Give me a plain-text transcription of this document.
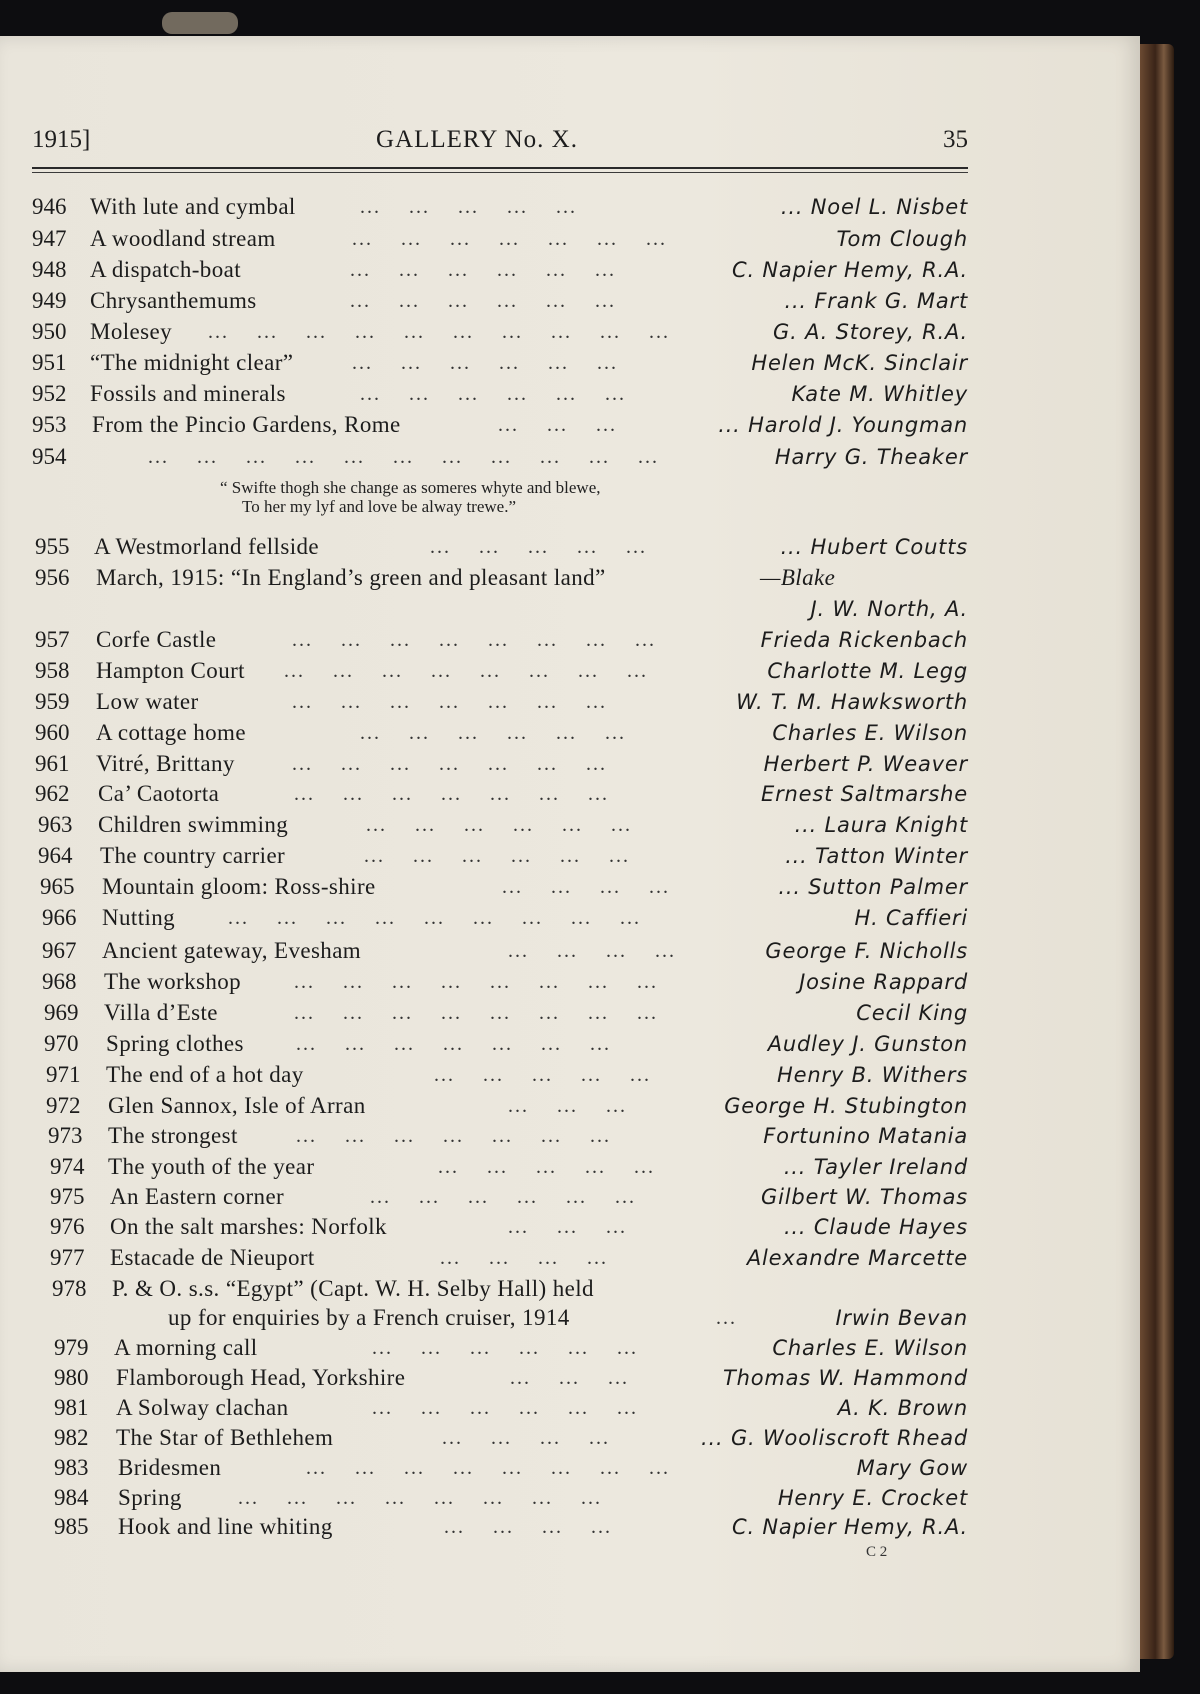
1915]	GALLERY No. X.	35
946 With lute and cymbal	...    ...    ...    ...    ...	... Noel L. Nisbet
947 A woodland stream	...    ...    ...    ...    ...    ...    ...	Tom Clough
948 A dispatch-boat	...    ...    ...    ...    ...    ...	C. Napier Hemy, R.A.
949 Chrysanthemums	...    ...    ...    ...    ...    ...	... Frank G. Mart
950 Molesey ...    ...    ...    ...    ...    ...    ...    ...    ...    ...	G. A. Storey, R.A.
951 “The midnight clear”	...    ...    ...    ...    ...    ...	Helen McK. Sinclair
952 Fossils and minerals	...    ...    ...    ...    ...    ...	Kate M. Whitley
953 From the Pincio Gardens, Rome	...    ...    ...	... Harold J. Youngman
954	...    ...    ...    ...    ...    ...    ...    ...    ...    ...    ...	Harry G. Theaker
“ Swifte thogh she change as someres whyte and blewe,
To her my lyf and love be alway trewe.”
955 A Westmorland fellside	...    ...    ...    ...    ...	... Hubert Coutts
956 March, 1915: “In England’s green and pleasant land”	—Blake
J. W. North, A.
957 Corfe Castle	...    ...    ...    ...    ...    ...    ...    ...	Frieda Rickenbach
958 Hampton Court ...    ...    ...    ...    ...    ...    ...    ...	Charlotte M. Legg
959 Low water	...    ...    ...    ...    ...    ...    ...	W. T. M. Hawksworth
960 A cottage home	...    ...    ...    ...    ...    ...	Charles E. Wilson
961 Vitré, Brittany	...    ...    ...    ...    ...    ...    ...	Herbert P. Weaver
962 Ca’ Caotorta	...    ...    ...    ...    ...    ...    ...	Ernest Saltmarshe
963 Children swimming	...    ...    ...    ...    ...    ...	... Laura Knight
964 The country carrier	...    ...    ...    ...    ...    ...	... Tatton Winter
965 Mountain gloom: Ross-shire	...    ...    ...    ...	... Sutton Palmer
966 Nutting	...    ...    ...    ...    ...    ...    ...    ...    ...	H. Caffieri
967 Ancient gateway, Evesham	...    ...    ...    ...	George F. Nicholls
968 The workshop	...    ...    ...    ...    ...    ...    ...    ...	Josine Rappard
969 Villa d’Este	...    ...    ...    ...    ...    ...    ...    ...	Cecil King
970 Spring clothes	...    ...    ...    ...    ...    ...    ...	Audley J. Gunston
971 The end of a hot day	...    ...    ...    ...    ...	Henry B. Withers
972 Glen Sannox, Isle of Arran	...    ...    ...	George H. Stubington
973 The strongest	...    ...    ...    ...    ...    ...    ...	Fortunino Matania
974 The youth of the year	...    ...    ...    ...    ...	... Tayler Ireland
975 An Eastern corner	...    ...    ...    ...    ...    ...	Gilbert W. Thomas
976 On the salt marshes: Norfolk	...    ...    ...	... Claude Hayes
977 Estacade de Nieuport	...    ...    ...    ...	Alexandre Marcette
978 P. & O. s.s. “Egypt” (Capt. W. H. Selby Hall) held
up for enquiries by a French cruiser, 1914	...	Irwin Bevan
979 A morning call	...    ...    ...    ...    ...    ...	Charles E. Wilson
980 Flamborough Head, Yorkshire	...    ...    ...	Thomas W. Hammond
981 A Solway clachan	...    ...    ...    ...    ...    ...	A. K. Brown
982 The Star of Bethlehem	...    ...    ...    ...	... G. Wooliscroft Rhead
983 Bridesmen	...    ...    ...    ...    ...    ...    ...    ...	Mary Gow
984 Spring	...    ...    ...    ...    ...    ...    ...    ...	Henry E. Crocket
985 Hook and line whiting	...    ...    ...    ...	C. Napier Hemy, R.A.
C 2
